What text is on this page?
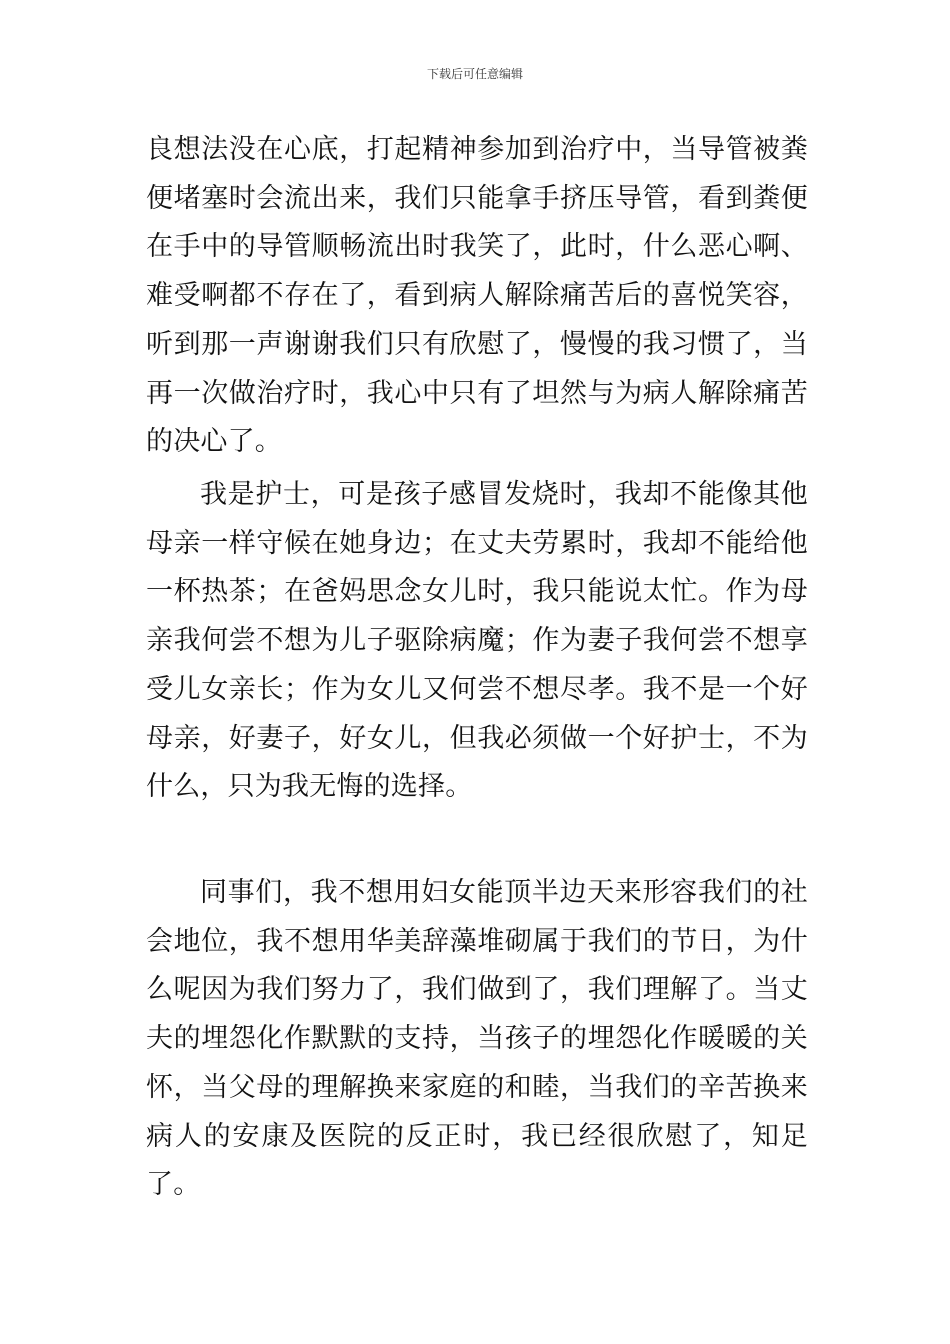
下载后可任意编辑

良想法没在心底，打起精神参加到治疗中，当导管被粪便堵塞时会流出来，我们只能拿手挤压导管，看到粪便在手中的导管顺畅流出时我笑了，此时，什么恶心啊、难受啊都不存在了，看到病人解除痛苦后的喜悦笑容，听到那一声谢谢我们只有欣慰了，慢慢的我习惯了，当再一次做治疗时，我心中只有了坦然与为病人解除痛苦的决心了。

我是护士，可是孩子感冒发烧时，我却不能像其他母亲一样守候在她身边；在丈夫劳累时，我却不能给他一杯热茶；在爸妈思念女儿时，我只能说太忙。作为母亲我何尝不想为儿子驱除病魔；作为妻子我何尝不想享受儿女亲长；作为女儿又何尝不想尽孝。我不是一个好母亲，好妻子，好女儿，但我必须做一个好护士，不为什么，只为我无悔的选择。

同事们，我不想用妇女能顶半边天来形容我们的社会地位，我不想用华美辞藻堆砌属于我们的节日，为什么呢因为我们努力了，我们做到了，我们理解了。当丈夫的埋怨化作默默的支持，当孩子的埋怨化作暖暖的关怀，当父母的理解换来家庭的和睦，当我们的辛苦换来病人的安康及医院的反正时，我已经很欣慰了，知足了。
